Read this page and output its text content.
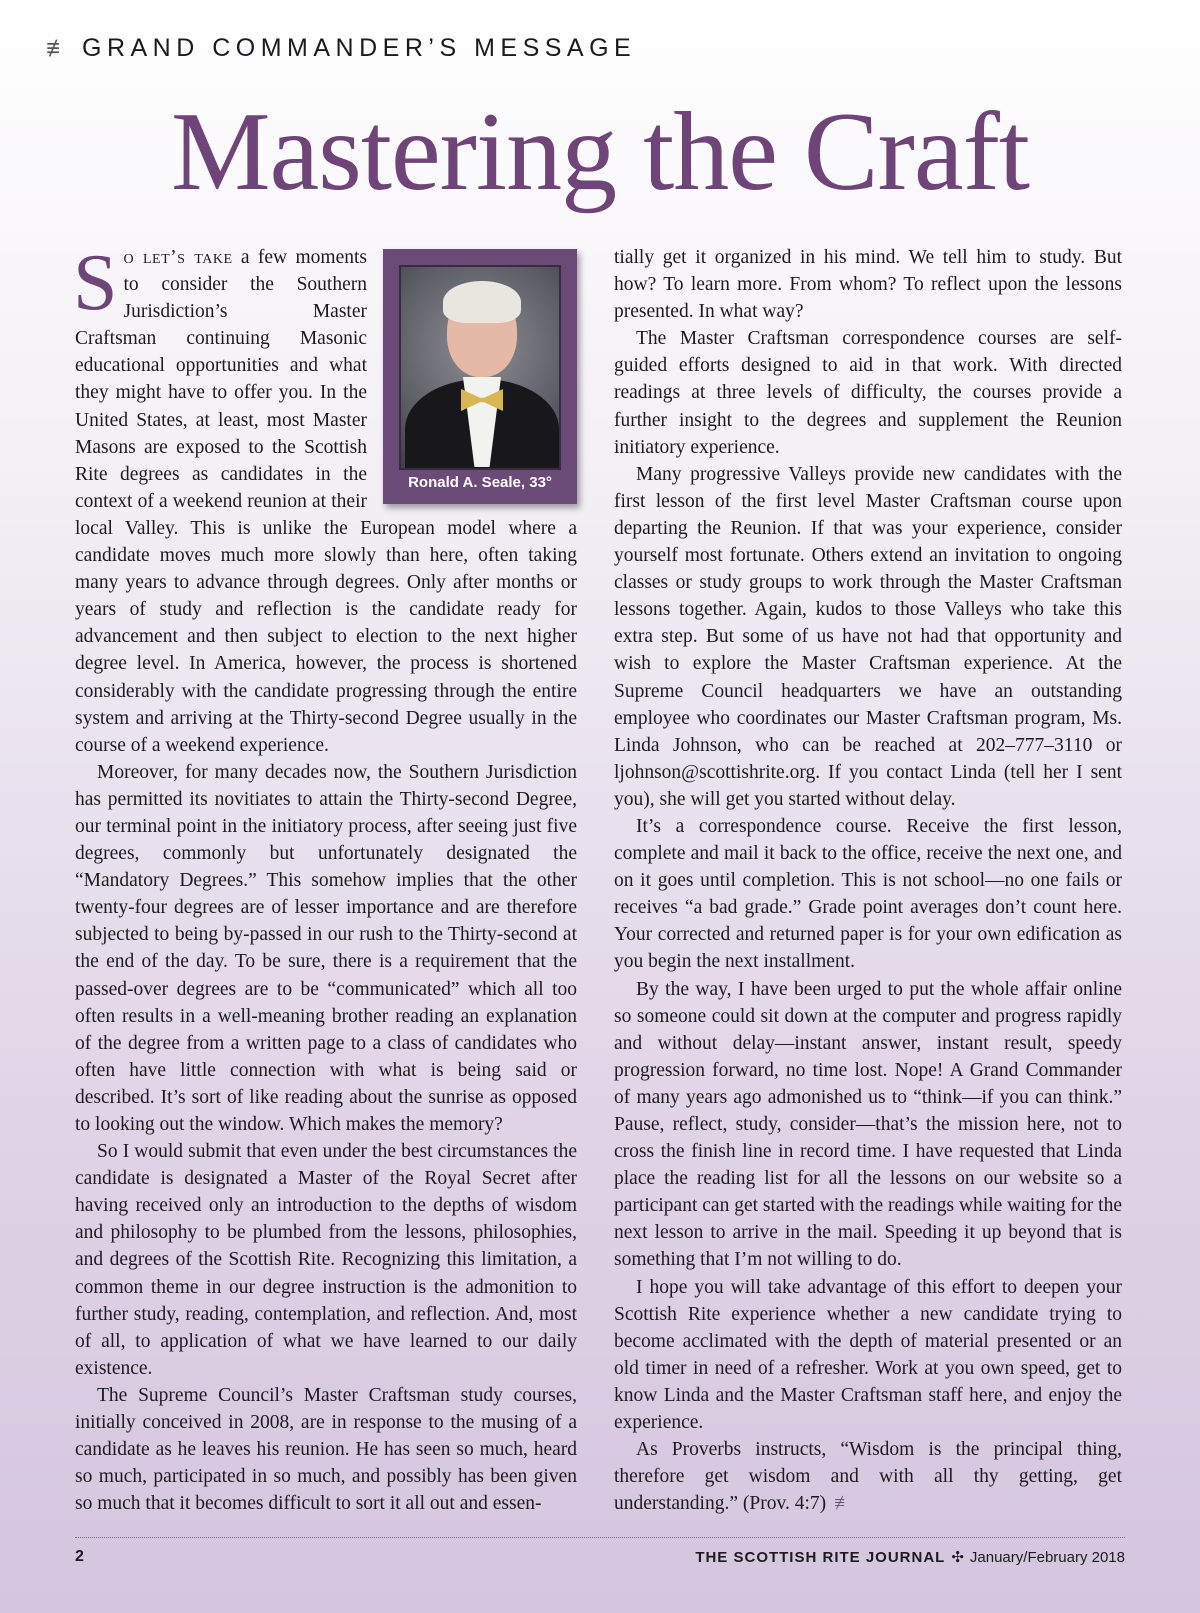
≢ GRAND COMMANDER’S MESSAGE
Mastering the Craft
Ronald A. Seale, 33°

So let’s take a few moments to consider the Southern Jurisdiction’s Master Craftsman continuing Masonic educational opportunities and what they might have to offer you. In the United States, at least, most Master Masons are exposed to the Scottish Rite degrees as candidates in the context of a weekend reunion at their local Valley. This is unlike the European model where a candidate moves much more slowly than here, often taking many years to advance through degrees. Only after months or years of study and reflection is the candidate ready for advancement and then subject to election to the next higher degree level. In America, however, the process is shortened considerably with the candidate progressing through the entire system and arriving at the Thirty-second Degree usually in the course of a weekend experience.

Moreover, for many decades now, the Southern Jurisdiction has permitted its novitiates to attain the Thirty-second Degree, our terminal point in the initiatory process, after seeing just five degrees, commonly but unfortunately designated the “Mandatory Degrees.” This somehow implies that the other twenty-four degrees are of lesser importance and are therefore subjected to being by-passed in our rush to the Thirty-second at the end of the day. To be sure, there is a requirement that the passed-over degrees are to be “communicated” which all too often results in a well-meaning brother reading an explanation of the degree from a written page to a class of candidates who often have little connection with what is being said or described. It’s sort of like reading about the sunrise as opposed to looking out the window. Which makes the memory?

So I would submit that even under the best circumstances the candidate is designated a Master of the Royal Secret after having received only an introduction to the depths of wisdom and philosophy to be plumbed from the lessons, philosophies, and degrees of the Scottish Rite. Recognizing this limitation, a common theme in our degree instruction is the admonition to further study, reading, contemplation, and reflection. And, most of all, to application of what we have learned to our daily existence.

The Supreme Council’s Master Craftsman study courses, initially conceived in 2008, are in response to the musing of a candidate as he leaves his reunion. He has seen so much, heard so much, participated in so much, and possibly has been given so much that it becomes difficult to sort it all out and essen-

tially get it organized in his mind. We tell him to study. But how? To learn more. From whom? To reflect upon the lessons presented. In what way?

The Master Craftsman correspondence courses are self-guided efforts designed to aid in that work. With directed readings at three levels of difficulty, the courses provide a further insight to the degrees and supplement the Reunion initiatory experience.

Many progressive Valleys provide new candidates with the first lesson of the first level Master Craftsman course upon departing the Reunion. If that was your experience, consider yourself most fortunate. Others extend an invitation to ongoing classes or study groups to work through the Master Craftsman lessons together. Again, kudos to those Valleys who take this extra step. But some of us have not had that opportunity and wish to explore the Master Craftsman experience. At the Supreme Council headquarters we have an outstanding employee who coordinates our Master Craftsman program, Ms. Linda Johnson, who can be reached at 202–777–3110 or ljohnson@scottishrite.org. If you contact Linda (tell her I sent you), she will get you started without delay.

It’s a correspondence course. Receive the first lesson, complete and mail it back to the office, receive the next one, and on it goes until completion. This is not school—no one fails or receives “a bad grade.” Grade point averages don’t count here. Your corrected and returned paper is for your own edification as you begin the next installment.

By the way, I have been urged to put the whole affair online so someone could sit down at the computer and progress rapidly and without delay—instant answer, instant result, speedy progression forward, no time lost. Nope! A Grand Commander of many years ago admonished us to “think—if you can think.” Pause, reflect, study, consider—that’s the mission here, not to cross the finish line in record time. I have requested that Linda place the reading list for all the lessons on our website so a participant can get started with the readings while waiting for the next lesson to arrive in the mail. Speeding it up beyond that is something that I’m not willing to do.

I hope you will take advantage of this effort to deepen your Scottish Rite experience whether a new candidate trying to become acclimated with the depth of material presented or an old timer in need of a refresher. Work at you own speed, get to know Linda and the Master Craftsman staff here, and enjoy the experience.

As Proverbs instructs, “Wisdom is the principal thing, therefore get wisdom and with all thy getting, get understanding.” (Prov. 4:7) ≢

2	THE SCOTTISH RITE JOURNAL ✣ January/February 2018
